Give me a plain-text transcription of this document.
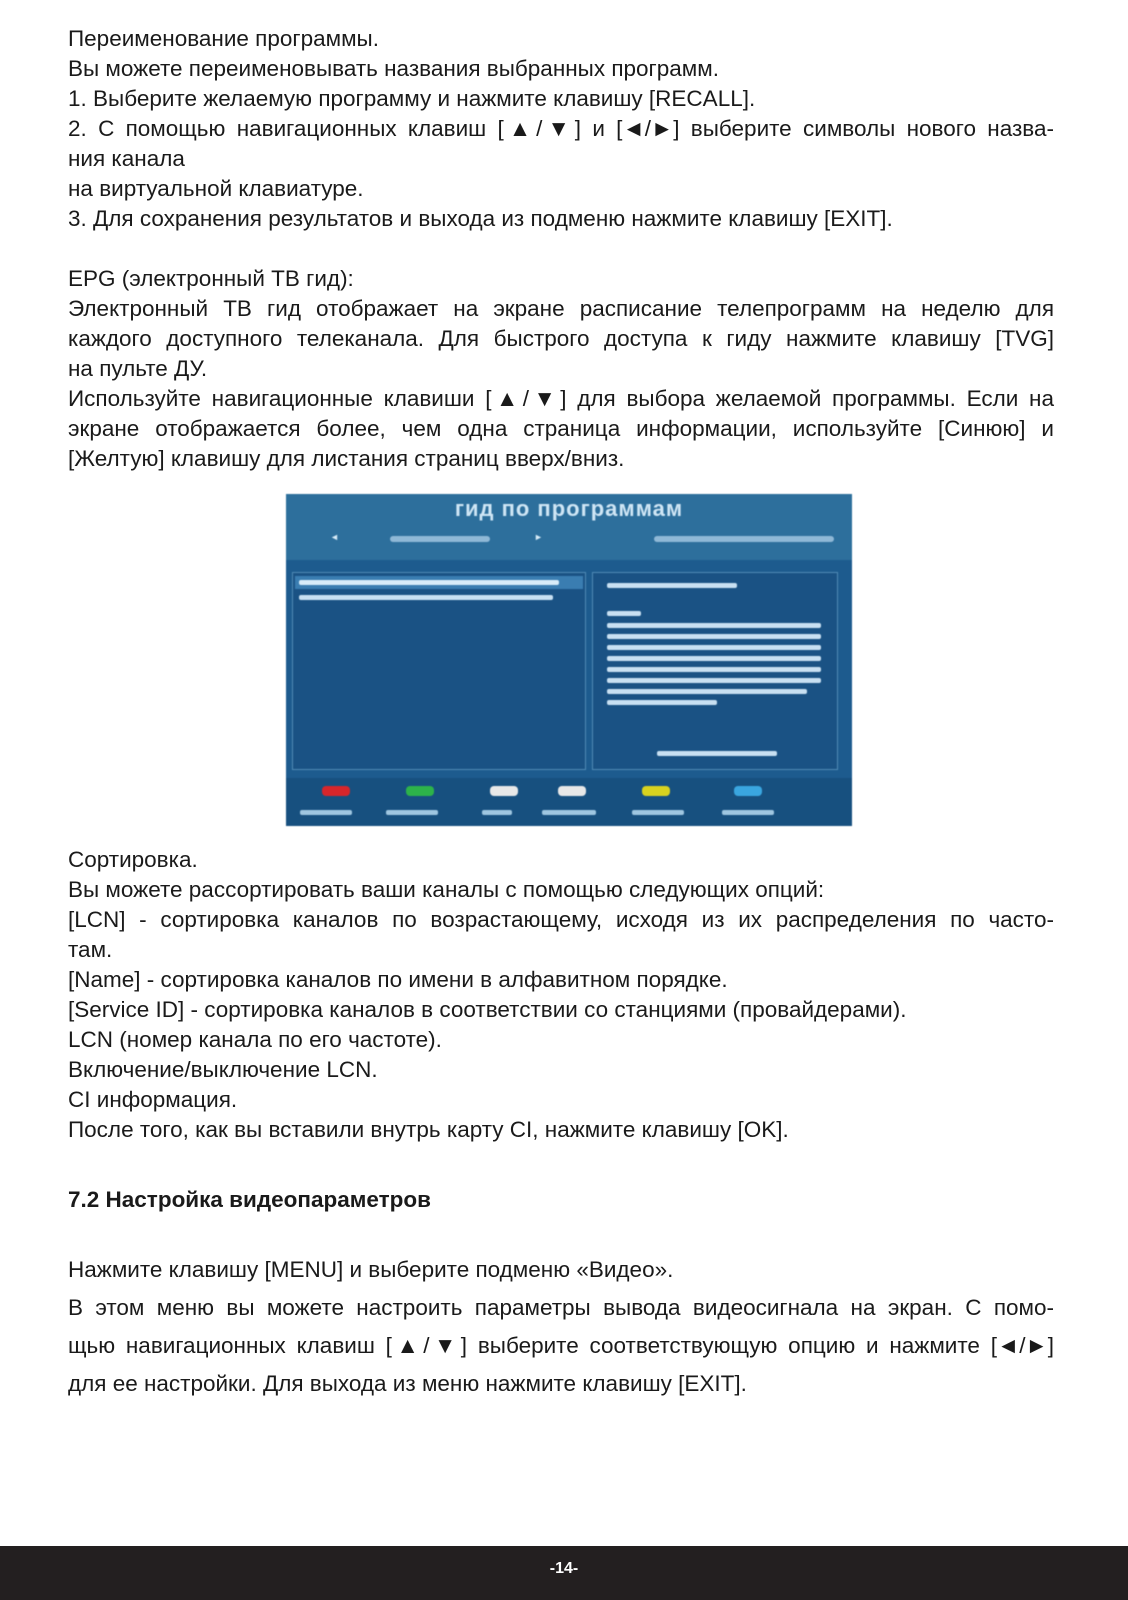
Переименование программы.

Вы можете переименовывать названия выбранных программ.

1. Выберите желаемую программу и нажмите клавишу [RECALL].

2. С помощью навигационных клавиш [▲/▼] и [◄/►] выберите символы нового назва-

ния канала

на виртуальной клавиатуре.

3. Для сохранения результатов и выхода из подменю нажмите клавишу [EXIT].

EPG (электронный ТВ гид):

Электронный ТВ гид отображает на экране расписание телепрограмм на неделю для

каждого доступного телеканала. Для быстрого доступа к гиду нажмите клавишу [TVG]

на пульте ДУ.

Используйте навигационные клавиши [▲/▼] для выбора желаемой программы. Если на

экране отображается более, чем одна страница информации, используйте [Синюю] и

[Желтую] клавишу для листания страниц вверх/вниз.

гид по программам
◄	►

Сортировка.

Вы можете рассортировать ваши каналы с помощью следующих опций:

[LCN] - сортировка каналов по возрастающему, исходя из их распределения по часто-

там.

[Name] - сортировка каналов по имени в алфавитном порядке.

[Service ID] - сортировка каналов в соответствии со станциями (провайдерами).

LCN (номер канала по его частоте).

Включение/выключение LCN.

CI информация.

После того, как вы вставили внутрь карту CI, нажмите клавишу [OK].

7.2 Настройка видеопараметров

Нажмите клавишу [MENU] и выберите подменю «Видео».

В этом меню вы можете настроить параметры вывода видеосигнала на экран. С помо-

щью навигационных клавиш [▲/▼] выберите соответствующую опцию и нажмите [◄/►]

для ее настройки. Для выхода из меню нажмите клавишу [EXIT].

-14-
